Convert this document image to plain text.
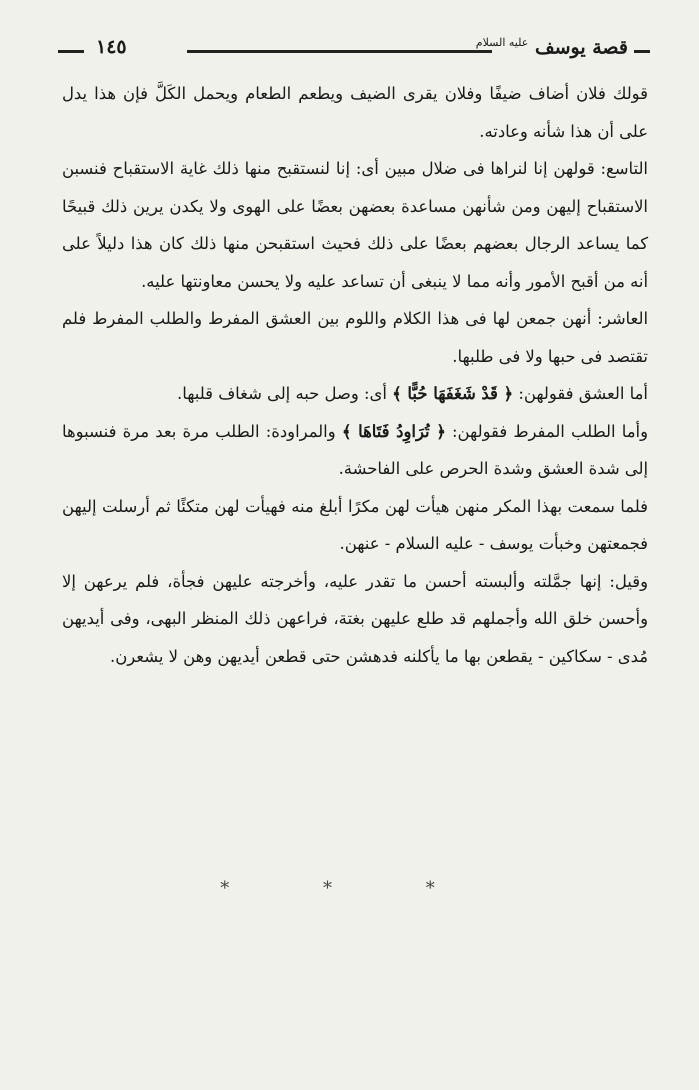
قصة يوسف $^{عليه السلام}$
١٤٥

قولك فلان أضاف ضيفًا وفلان يقرى الضيف ويطعم الطعام ويحمل الكَلَّ فإن هذا يدل على أن هذا شأنه وعادته.

التاسع: قولهن إنا لنراها فى ضلال مبين أى: إنا لنستقبح منها ذلك غاية الاستقباح فنسبن الاستقباح إليهن ومن شأنهن مساعدة بعضهن بعضًا على الهوى ولا يكدن يرين ذلك قبيحًا كما يساعد الرجال بعضهم بعضًا على ذلك فحيث استقبحن منها ذلك كان هذا دليلاً على أنه من أقبح الأمور وأنه مما لا ينبغى أن تساعد عليه ولا يحسن معاونتها عليه.

العاشر: أنهن جمعن لها فى هذا الكلام واللوم بين العشق المفرط والطلب المفرط فلم تقتصد فى حبها ولا فى طلبها.

أما العشق فقولهن: ﴿ قَدْ شَغَفَهَا حُبًّا ﴾ أى: وصل حبه إلى شغاف قلبها.

وأما الطلب المفرط فقولهن: ﴿ تُرَاوِدُ فَتَاهَا ﴾ والمراودة: الطلب مرة بعد مرة فنسبوها إلى شدة العشق وشدة الحرص على الفاحشة.

فلما سمعت بهذا المكر منهن هيأت لهن مكرًا أبلغ منه فهيأت لهن متكئًا ثم أرسلت إليهن فجمعتهن وخبأت يوسف - عليه السلام - عنهن.

وقيل: إنها جمَّلته وألبسته أحسن ما تقدر عليه، وأخرجته عليهن فجأة، فلم يرعهن إلا وأحسن خلق الله وأجملهم قد طلع عليهن بغتة، فراعهن ذلك المنظر البهى، وفى أيديهن مُدى - سكاكين - يقطعن بها ما يأكلنه فدهشن حتى قطعن أيديهن وهن لا يشعرن.

* * *
